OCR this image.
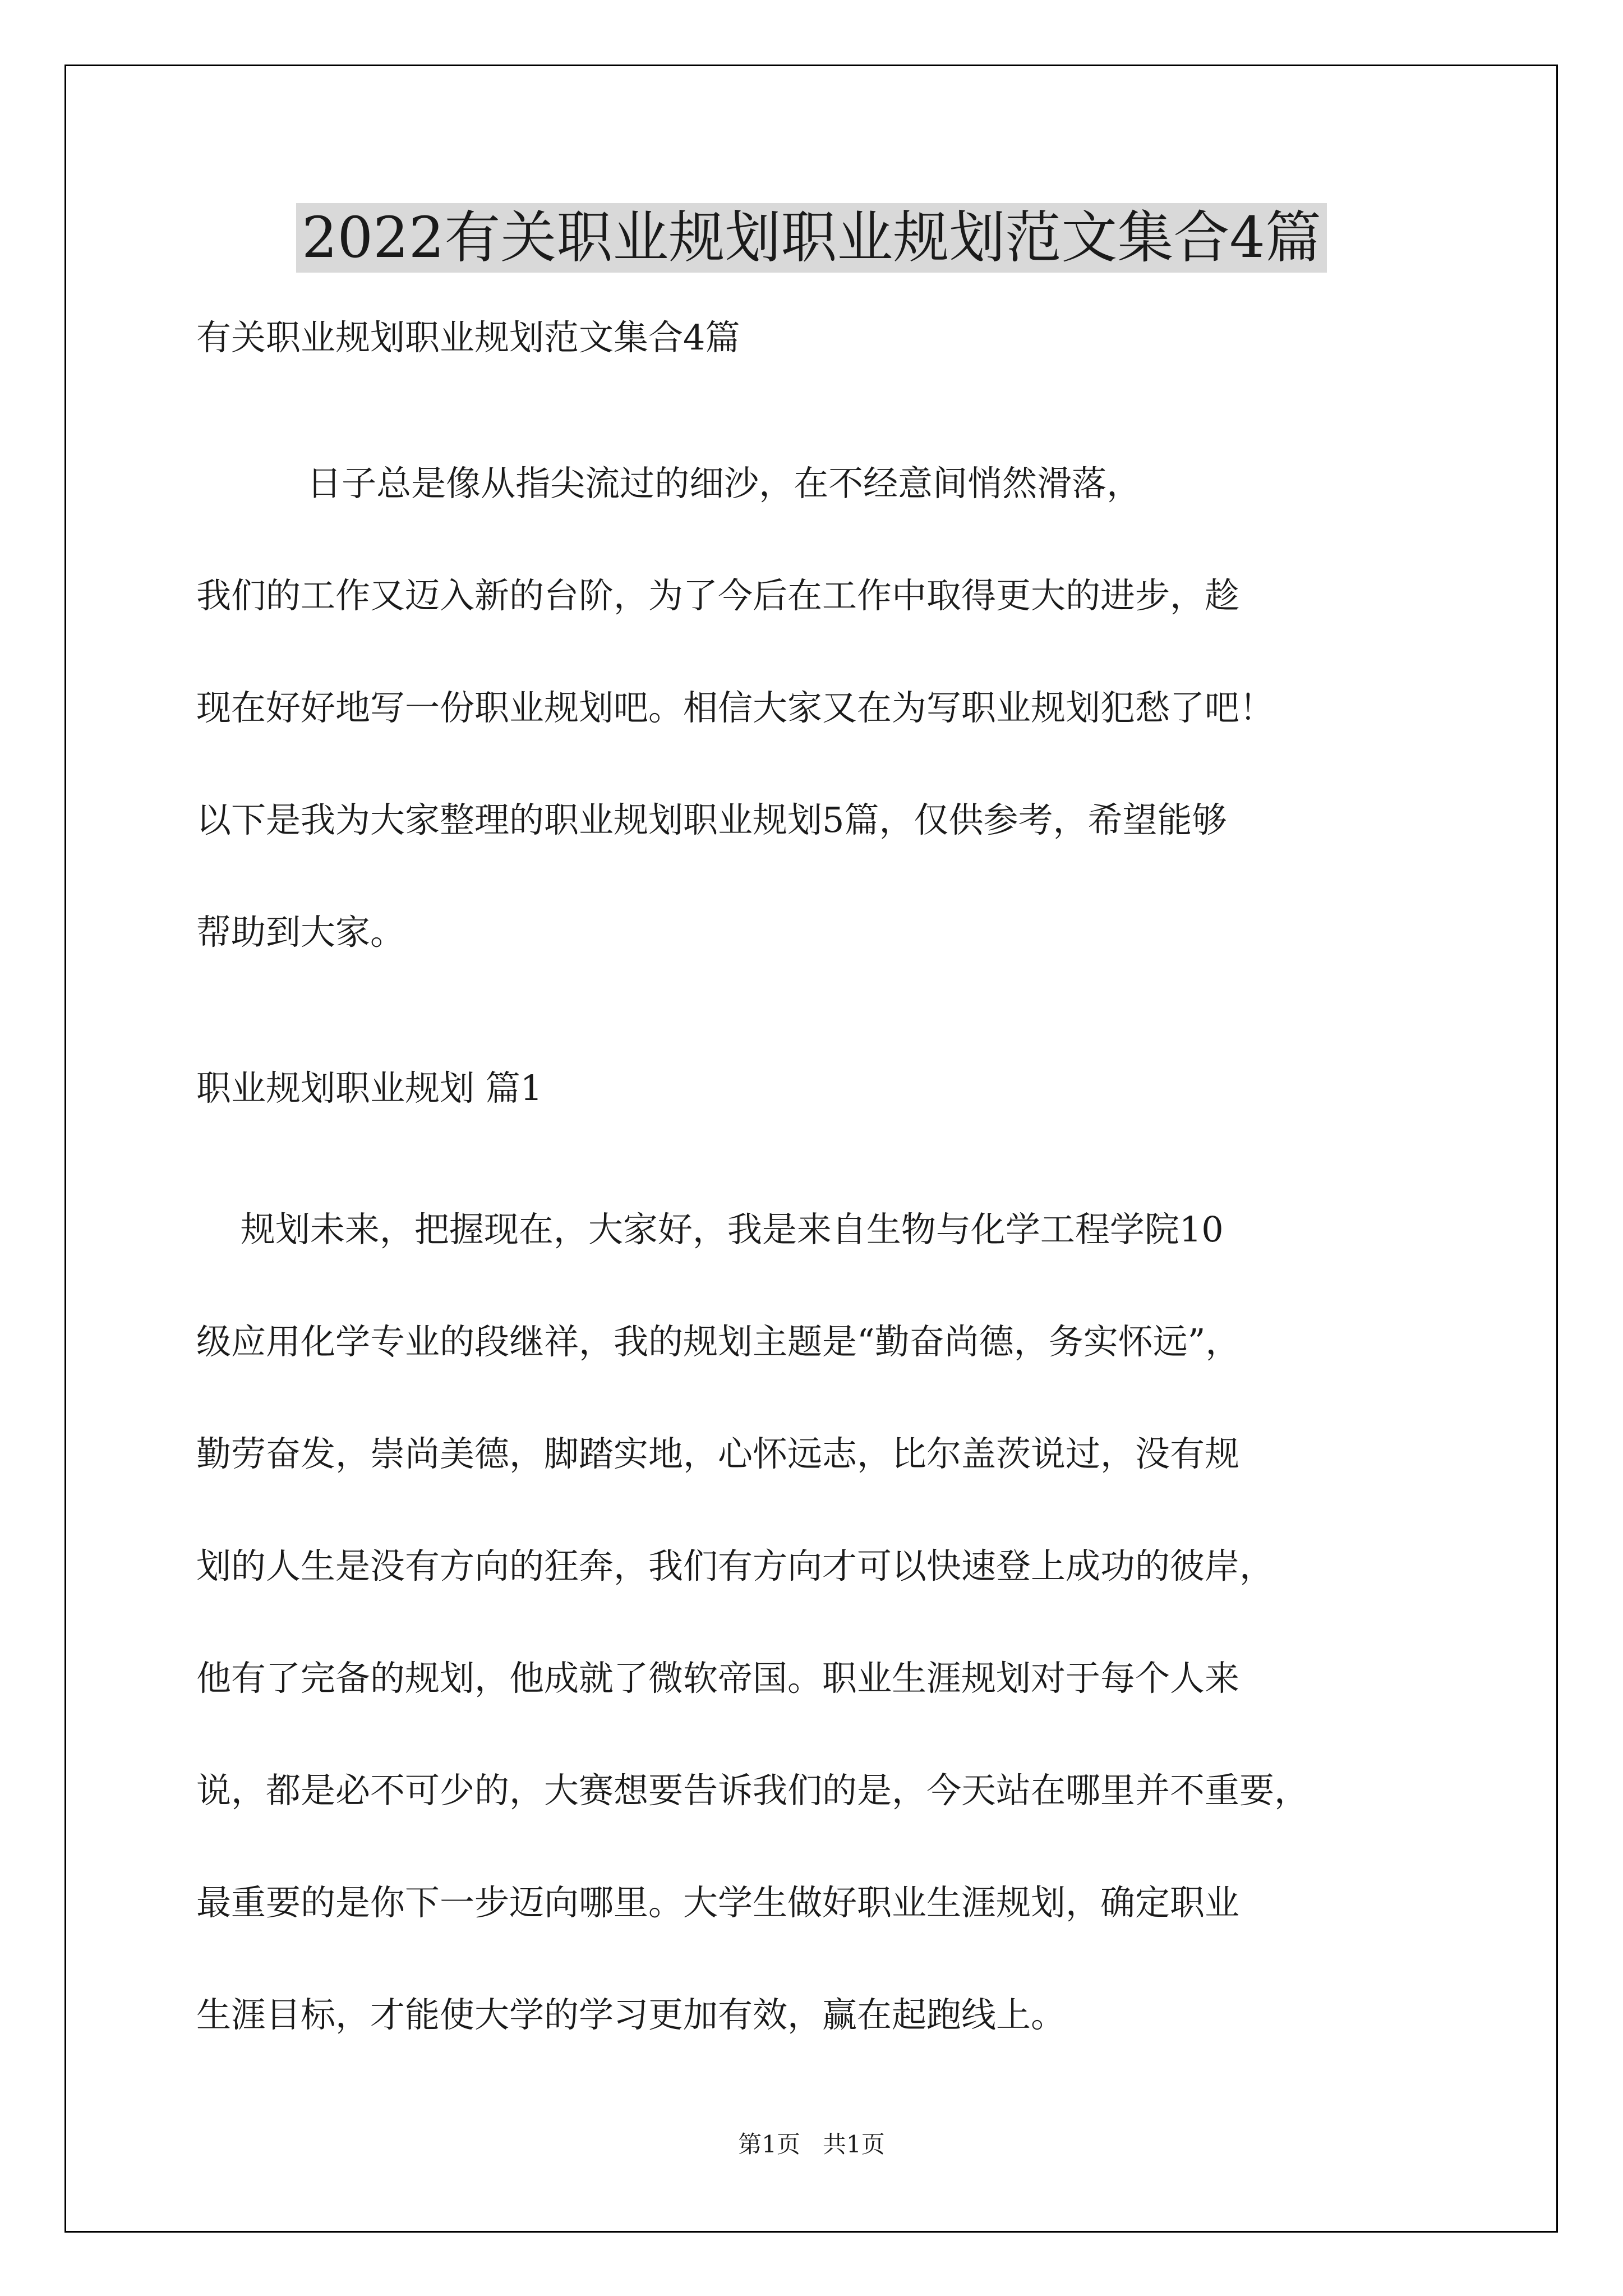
2022有关职业规划职业规划范文集合4篇
有关职业规划职业规划范文集合4篇
日子总是像从指尖流过的细沙，在不经意间悄然滑落，
我们的工作又迈入新的台阶，为了今后在工作中取得更大的进步，趁
现在好好地写一份职业规划吧。相信大家又在为写职业规划犯愁了吧！
以下是我为大家整理的职业规划职业规划5篇，仅供参考，希望能够
帮助到大家。
职业规划职业规划 篇1
规划未来，把握现在，大家好，我是来自生物与化学工程学院10
级应用化学专业的段继祥，我的规划主题是“勤奋尚德，务实怀远”，
勤劳奋发，崇尚美德，脚踏实地，心怀远志，比尔盖茨说过，没有规
划的人生是没有方向的狂奔，我们有方向才可以快速登上成功的彼岸，
他有了完备的规划，他成就了微软帝国。职业生涯规划对于每个人来
说，都是必不可少的，大赛想要告诉我们的是，今天站在哪里并不重要，
最重要的是你下一步迈向哪里。大学生做好职业生涯规划，确定职业
生涯目标，才能使大学的学习更加有效，赢在起跑线上。
第1页   共1页
